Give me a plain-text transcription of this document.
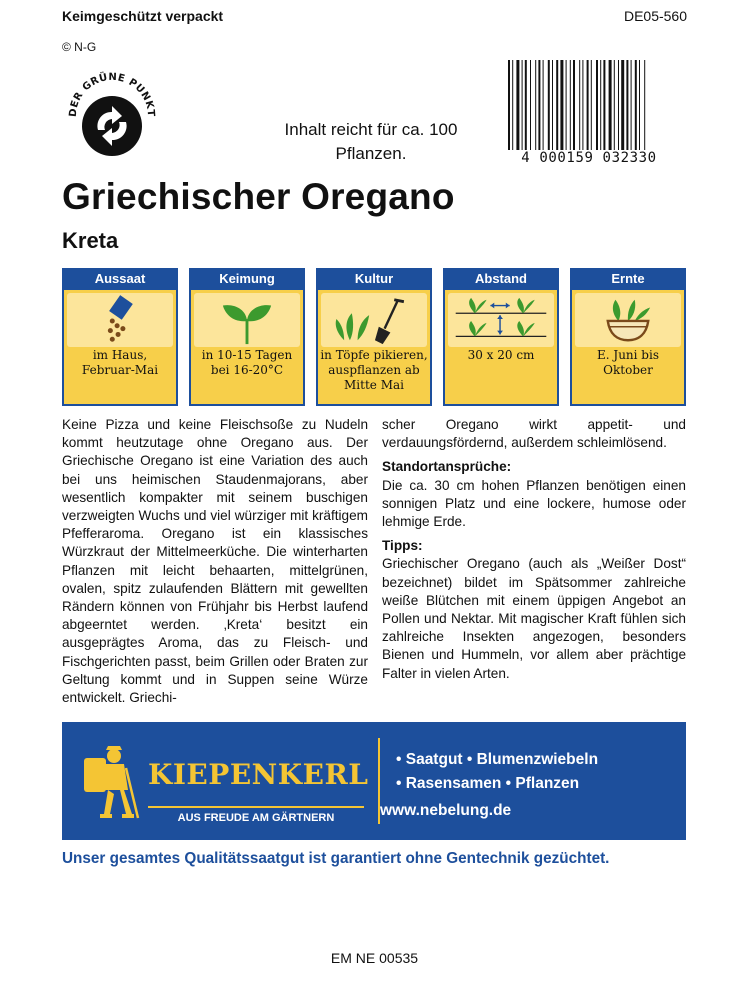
Keimgeschützt verpackt	DE05-560
© N-G
DER GRÜNE PUNKT
Inhalt reicht für ca. 100 Pflanzen.	4 000159 032330
Griechischer Oregano
Kreta
Aussaat
im Haus, Februar-Mai
Keimung
in 10-15 Tagen bei 16-20°C
Kultur
in Töpfe pikieren, auspflanzen ab Mitte Mai
Abstand
30 x 20 cm
Ernte
E. Juni bis Oktober

Keine Pizza und keine Fleischsoße zu Nudeln kommt heutzutage ohne Oregano aus. Der Griechische Oregano ist eine Variation des auch bei uns heimischen Staudenmajorans, aber wesentlich kompakter mit seinem buschigen verzweigten Wuchs und viel würziger mit kräftigem Pfefferaroma. Oregano ist ein klassisches Würzkraut der Mittelmeerküche. Die winterharten Pflanzen mit leicht behaarten, mittelgrünen, ovalen, spitz zulaufenden Blättern mit gewellten Rändern können von Frühjahr bis Herbst laufend abgeerntet werden. ‚Kreta‘ besitzt ein ausgeprägtes Aroma, das zu Fleisch- und Fischgerichten passt, beim Grillen oder Braten zur Geltung kommt und in Suppen seine Würze entwickelt. Griechi-

scher Oregano wirkt appetit- und verdauungsfördernd, außerdem schleimlösend.

Standortansprüche:

Die ca. 30 cm hohen Pflanzen benötigen einen sonnigen Platz und eine lockere, humose oder lehmige Erde.

Tipps:

Griechischer Oregano (auch als „Weißer Dost“ bezeichnet) bildet im Spätsommer zahlreiche weiße Blütchen mit einem üppigen Angebot an Pollen und Nektar. Mit magischer Kraft fühlen sich zahlreiche Insekten angezogen, besonders Bienen und Hummeln, vor allem aber prächtige Falter in vielen Arten.

KIEPENKERL
AUS FREUDE AM GÄRTNERN
• Saatgut • Blumenzwiebeln
• Rasensamen • Pflanzen
www.nebelung.de
Unser gesamtes Qualitätssaatgut ist garantiert ohne Gentechnik gezüchtet.
EM NE 00535
